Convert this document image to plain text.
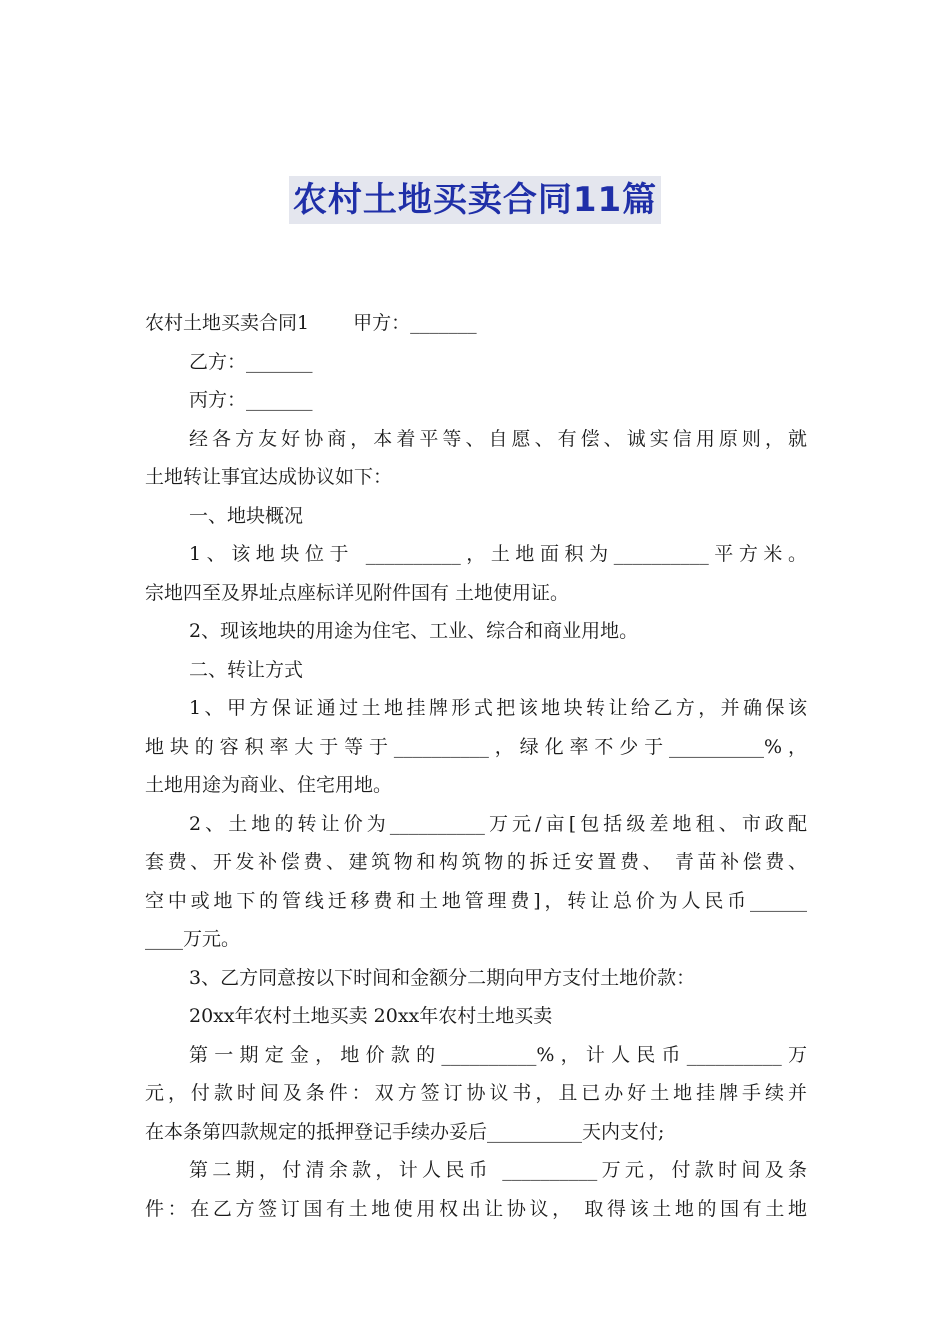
农村土地买卖合同11篇
农村土地买卖合同1 　　甲方：_______
乙方：_______
丙方：_______
经各方友好协商，本着平等、自愿、有偿、诚实信用原则，就
土地转让事宜达成协议如下：
一、地块概况
1、该地块位于 __________，土地面积为__________平方米。
宗地四至及界址点座标详见附件国有 土地使用证。
2、现该地块的用途为住宅、工业、综合和商业用地。
二、转让方式
1、甲方保证通过土地挂牌形式把该地块转让给乙方，并确保该
地块的容积率大于等于__________，绿化率不少于__________%，
土地用途为商业、住宅用地。
2、土地的转让价为__________万元/亩[包括级差地租、市政配
套费、开发补偿费、建筑物和构筑物的拆迁安置费、 青苗补偿费、
空中或地下的管线迁移费和土地管理费]，转让总价为人民币______
____万元。
3、乙方同意按以下时间和金额分二期向甲方支付土地价款：
20xx年农村土地买卖 20xx年农村土地买卖
第一期定金，地价款的__________%，计人民币__________万
元，付款时间及条件：双方签订协议书，且已办好土地挂牌手续并
在本条第四款规定的抵押登记手续办妥后__________天内支付;
第二期，付清余款，计人民币 __________万元，付款时间及条
件：在乙方签订国有土地使用权出让协议， 取得该土地的国有土地
